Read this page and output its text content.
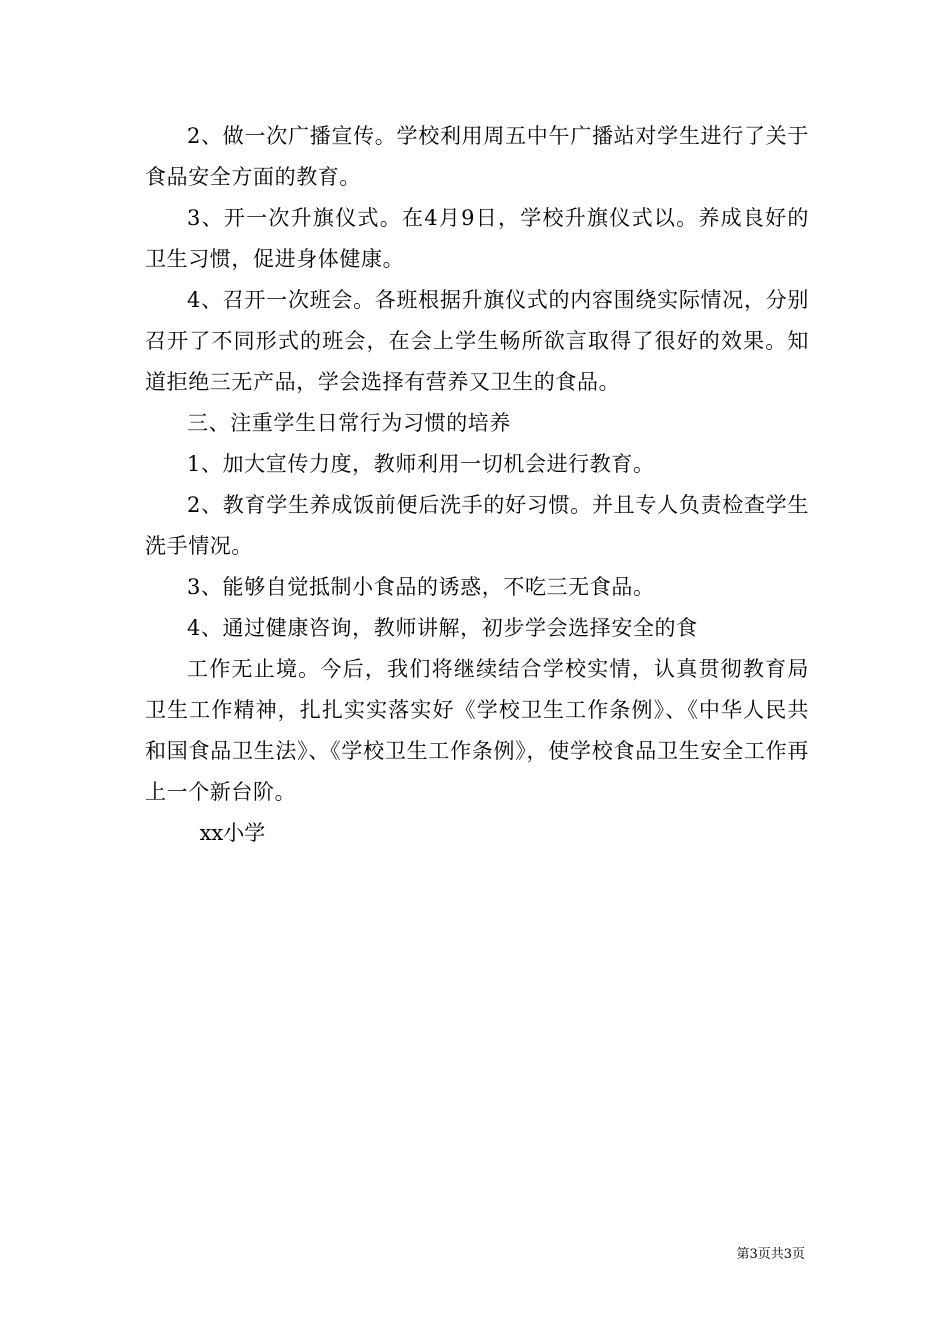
2、做一次广播宣传。学校利用周五中午广播站对学生进行了关于食品安全方面的教育。

3、开一次升旗仪式。在4月9日，学校升旗仪式以。养成良好的卫生习惯，促进身体健康。

4、召开一次班会。各班根据升旗仪式的内容围绕实际情况，分别召开了不同形式的班会，在会上学生畅所欲言取得了很好的效果。知道拒绝三无产品，学会选择有营养又卫生的食品。

三、注重学生日常行为习惯的培养

1、加大宣传力度，教师利用一切机会进行教育。

2、教育学生养成饭前便后洗手的好习惯。并且专人负责检查学生洗手情况。

3、能够自觉抵制小食品的诱惑，不吃三无食品。

4、通过健康咨询，教师讲解，初步学会选择安全的食

工作无止境。今后，我们将继续结合学校实情，认真贯彻教育局卫生工作精神，扎扎实实落实好《学校卫生工作条例》、《中华人民共和国食品卫生法》、《学校卫生工作条例》，使学校食品卫生安全工作再上一个新台阶。

xx小学

第3页共3页
